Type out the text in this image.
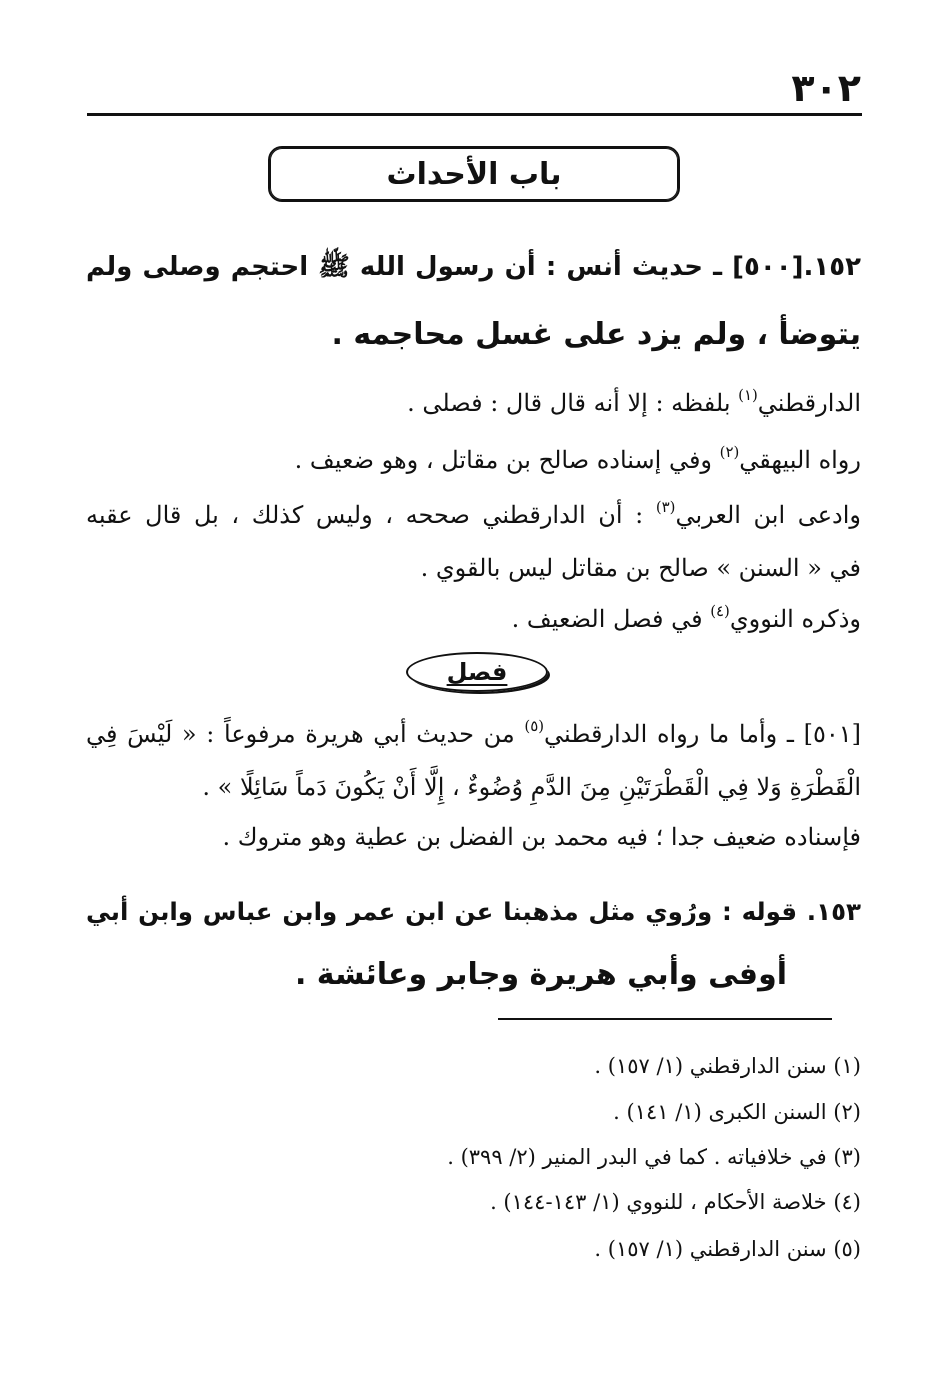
٣٠٢
باب الأحداث
١٥٢.[٥٠٠] ـ حديث أنس : أن رسول الله ﷺ احتجم وصلى ولم
يتوضأ ، ولم يزد على غسل محاجمه .
الدارقطني$^{(١)}$ بلفظه : إلا أنه قال قال : فصلى .
رواه البيهقي$^{(٢)}$ وفي إسناده صالح بن مقاتل ، وهو ضعيف .
وادعى ابن العربي$^{(٣)}$ : أن الدارقطني صححه ، وليس كذلك ، بل قال عقبه
في « السنن » صالح بن مقاتل ليس بالقوي .
وذكره النووي$^{(٤)}$ في فصل الضعيف .
فصل
[٥٠١] ـ وأما ما رواه الدارقطني$^{(٥)}$ من حديث أبي هريرة مرفوعاً : « لَيْسَ فِي
الْقَطْرَةِ وَلا فِي الْقَطْرَتَيْنِ مِنَ الدَّمِ وُضُوءٌ ، إِلَّا أَنْ يَكُونَ دَماً سَائِلًا » .
فإسناده ضعيف جدا ؛ فيه محمد بن الفضل بن عطية وهو متروك .
١٥٣. قوله : ورُوي مثل مذهبنا عن ابن عمر وابن عباس وابن أبي
أوفى وأبي هريرة وجابر وعائشة .
(١) سنن الدارقطني (١/ ١٥٧) .
(٢) السنن الكبرى (١/ ١٤١) .
(٣) في خلافياته . كما في البدر المنير (٢/ ٣٩٩) .
(٤) خلاصة الأحكام ، للنووي (١/ ١٤٣-١٤٤) .
(٥) سنن الدارقطني (١/ ١٥٧) .
